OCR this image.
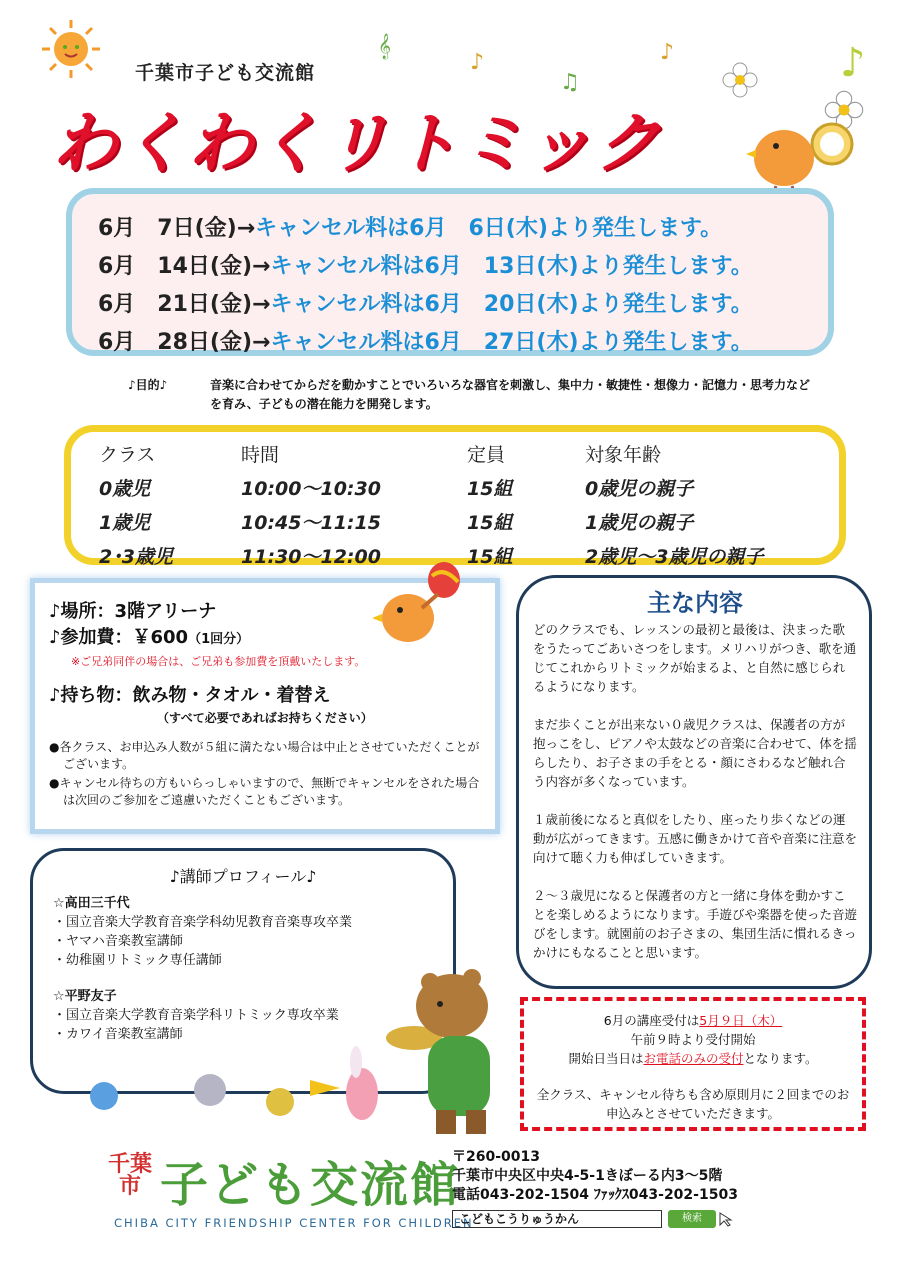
千葉市子ども交流館
わくわくリトミック
𝄞
♪
♫
♪	♪
6月　7日(金)→キャンセル料は6月　6日(木)より発生します。
6月　14日(金)→キャンセル料は6月　13日(木)より発生します。
6月　21日(金)→キャンセル料は6月　20日(木)より発生します。
6月　28日(金)→キャンセル料は6月　27日(木)より発生します。
♪目的♪	音楽に合わせてからだを動かすことでいろいろな器官を刺激し、集中力・敏捷性・想像力・記憶力・思考力などを育み、子どもの潜在能力を開発します。
クラス	時間	定員	対象年齢
0歳児	10:00〜10:30	15組	0歳児の親子
1歳児	10:45〜11:15	15組	1歳児の親子
2･3歳児	11:30〜12:00	15組	2歳児〜3歳児の親子
♪場所：3階アリーナ
♪参加費：￥600（1回分）
※ご兄弟同伴の場合は、ご兄弟も参加費を頂戴いたします。
♪持ち物：飲み物・タオル・着替え
（すべて必要であればお持ちください）
●各クラス、お申込み人数が５組に満たない場合は中止とさせていただくことがございます。
●キャンセル待ちの方もいらっしゃいますので、無断でキャンセルをされた場合は次回のご参加をご遠慮いただくこともございます。
♪講師プロフィール♪
☆高田三千代
・国立音楽大学教育音楽学科幼児教育音楽専攻卒業
・ヤマハ音楽教室講師
・幼稚園リトミック専任講師
☆平野友子
・国立音楽大学教育音楽学科リトミック専攻卒業
・カワイ音楽教室講師
主な内容
どのクラスでも、レッスンの最初と最後は、決まった歌をうたってごあいさつをします。メリハリがつき、歌を通じてこれからリトミックが始まるよ、と自然に感じられるようになります。
まだ歩くことが出来ない０歳児クラスは、保護者の方が抱っこをし、ピアノや太鼓などの音楽に合わせて、体を揺らしたり、お子さまの手をとる・顔にさわるなど触れ合う内容が多くなっています。
１歳前後になると真似をしたり、座ったり歩くなどの運動が広がってきます。五感に働きかけて音や音楽に注意を向けて聴く力も伸ばしていきます。
２～３歳児になると保護者の方と一緒に身体を動かすことを楽しめるようになります。手遊びや楽器を使った音遊びをします。就園前のお子さまの、集団生活に慣れるきっかけにもなることと思います。

6月の講座受付は5月９日（木）

午前９時より受付開始

開始日当日はお電話のみの受付となります。

全クラス、キャンセル待ちも含め原則月に２回までのお申込みとさせていただきます。

千葉市 子ども交流館
CHIBA CITY FRIENDSHIP CENTER FOR CHILDREN
〒260-0013
千葉市中央区中央4-5-1きぼーる内3～5階
電話043-202-1504 ﾌｧｯｸｽ043-202-1503
こどもこうりゅうかん	検索
